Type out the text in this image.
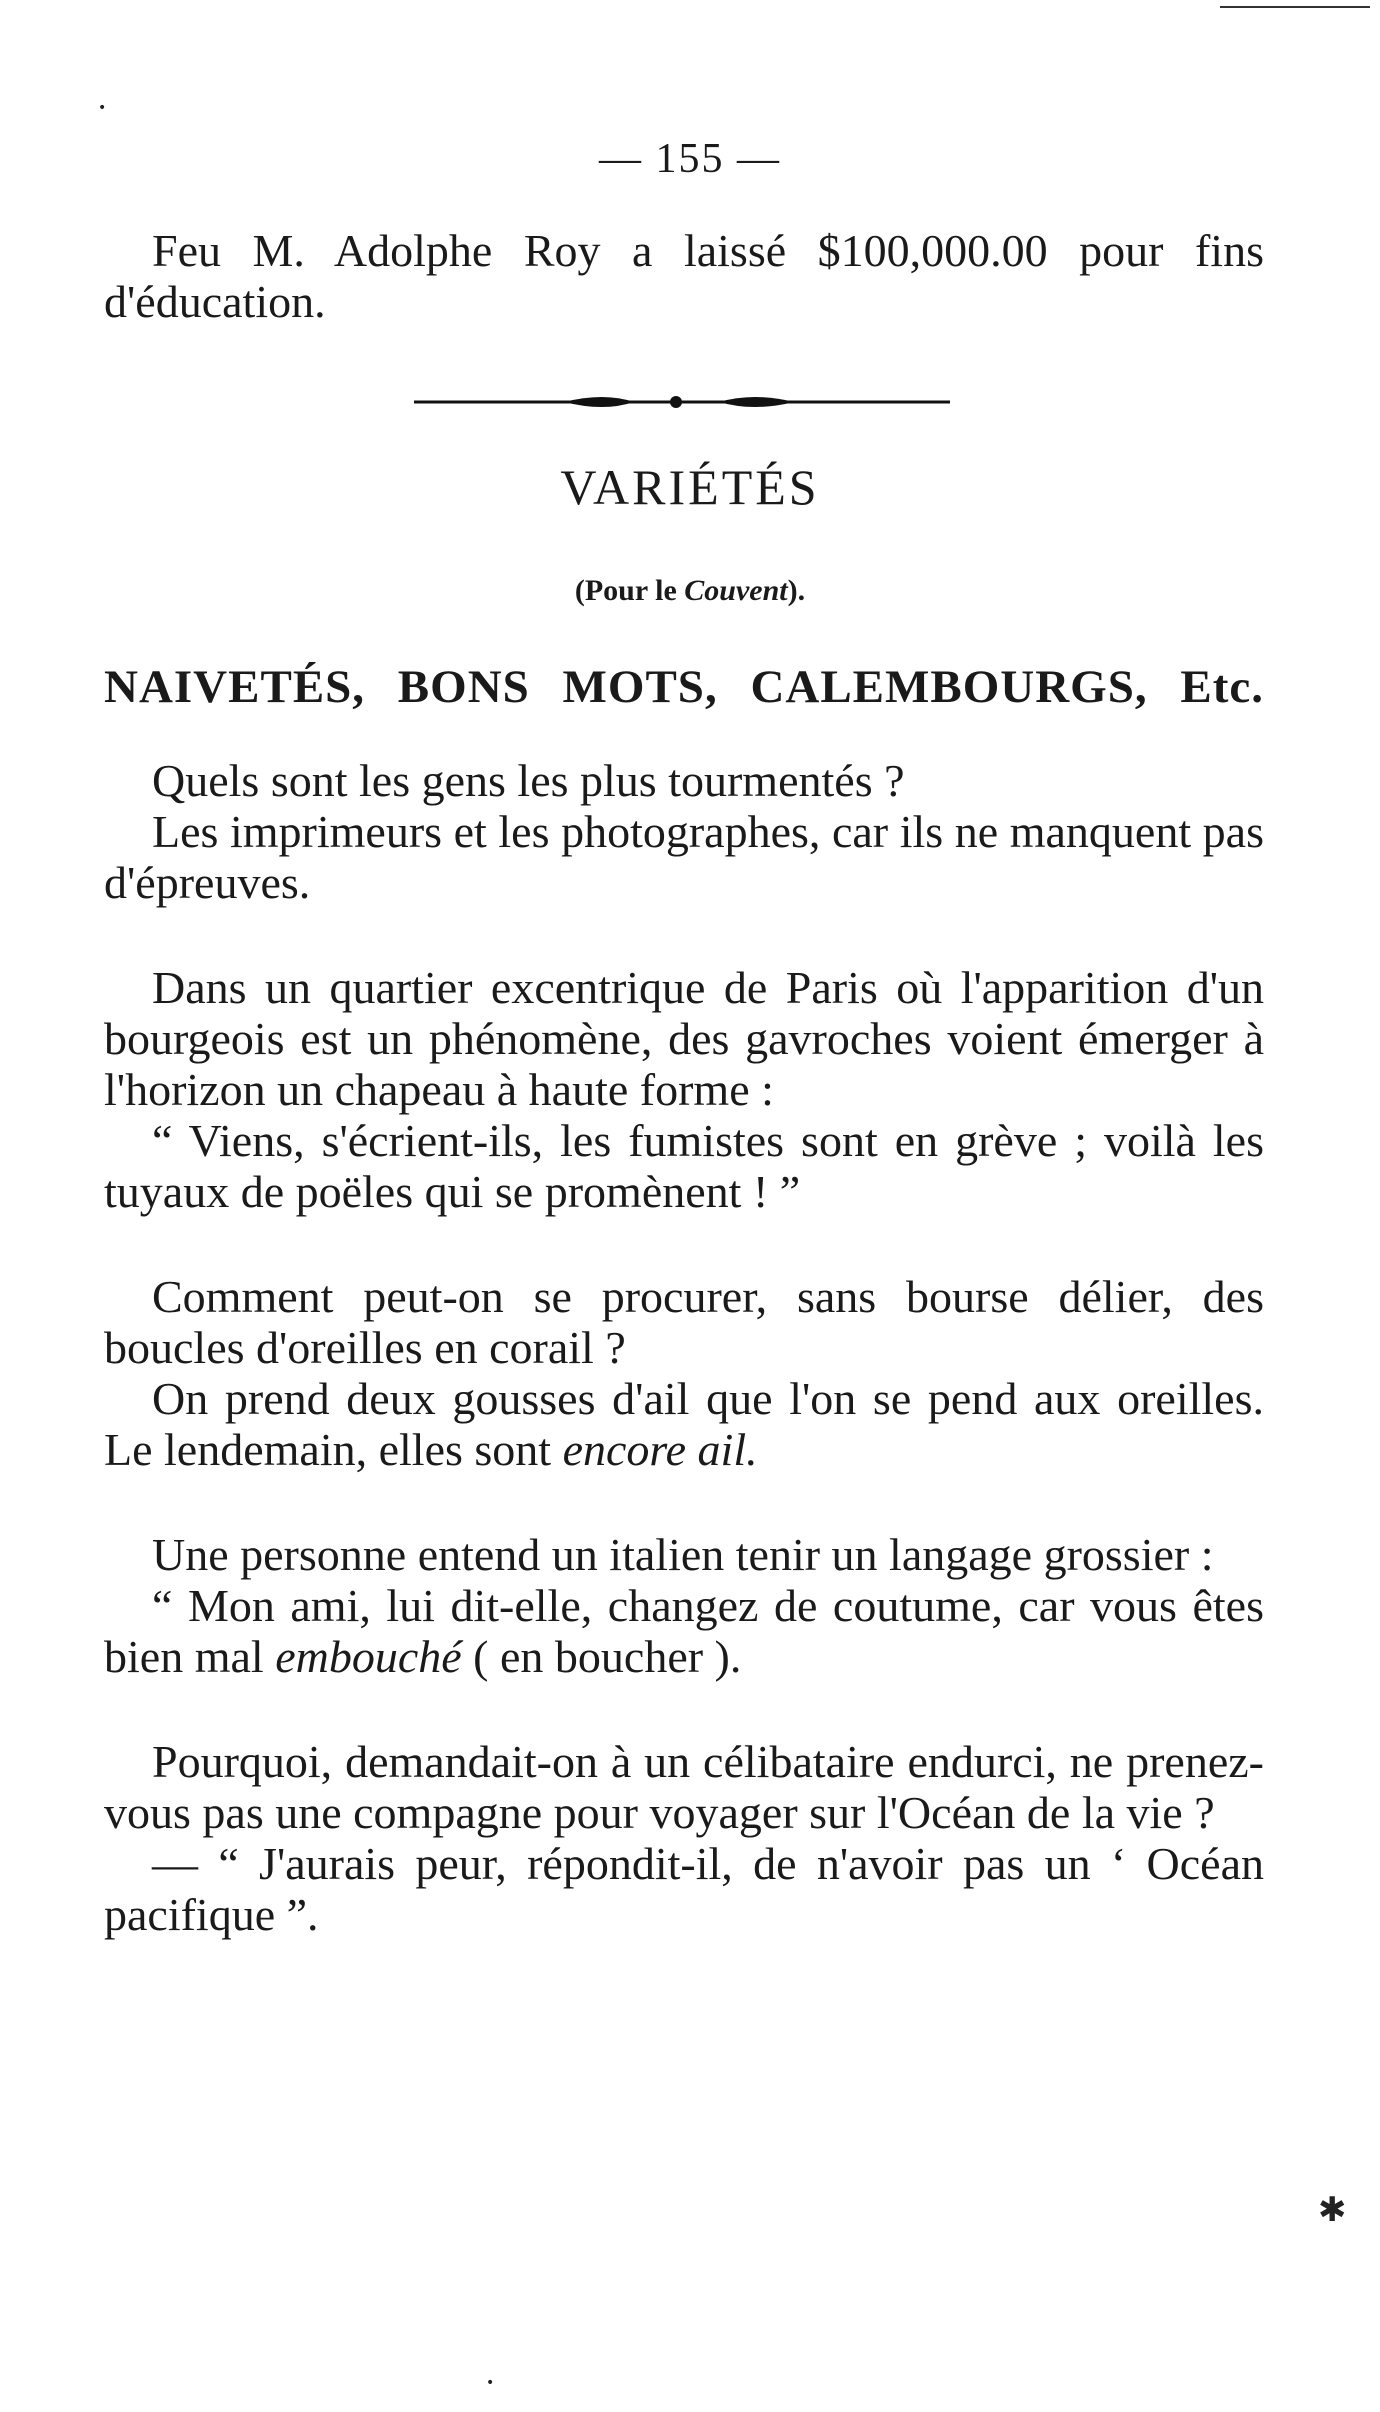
— 155 —

Feu M. Adolphe Roy a laissé $100,000.00 pour fins d'éducation.

VARIÉTÉS
(Pour le Couvent).
NAIVETÉS, BONS MOTS, CALEMBOURGS, Etc.

Quels sont les gens les plus tourmentés ?

Les imprimeurs et les photographes, car ils ne manquent pas d'épreuves.

Dans un quartier excentrique de Paris où l'apparition d'un bourgeois est un phénomène, des gavroches voient émerger à l'horizon un chapeau à haute forme :

“ Viens, s'écrient-ils, les fumistes sont en grève ; voilà les tuyaux de poëles qui se promènent ! ”

Comment peut-on se procurer, sans bourse délier, des boucles d'oreilles en corail ?

On prend deux gousses d'ail que l'on se pend aux oreilles. Le lendemain, elles sont encore ail.

Une personne entend un italien tenir un langage grossier :

“ Mon ami, lui dit-elle, changez de coutume, car vous êtes bien mal embouché ( en boucher ).

Pourquoi, demandait-on à un célibataire endurci, ne prenez-vous pas une compagne pour voyager sur l'Océan de la vie ?

— “ J'aurais peur, répondit-il, de n'avoir pas un ‘ Océan pacifique ”.

✱
•
•
